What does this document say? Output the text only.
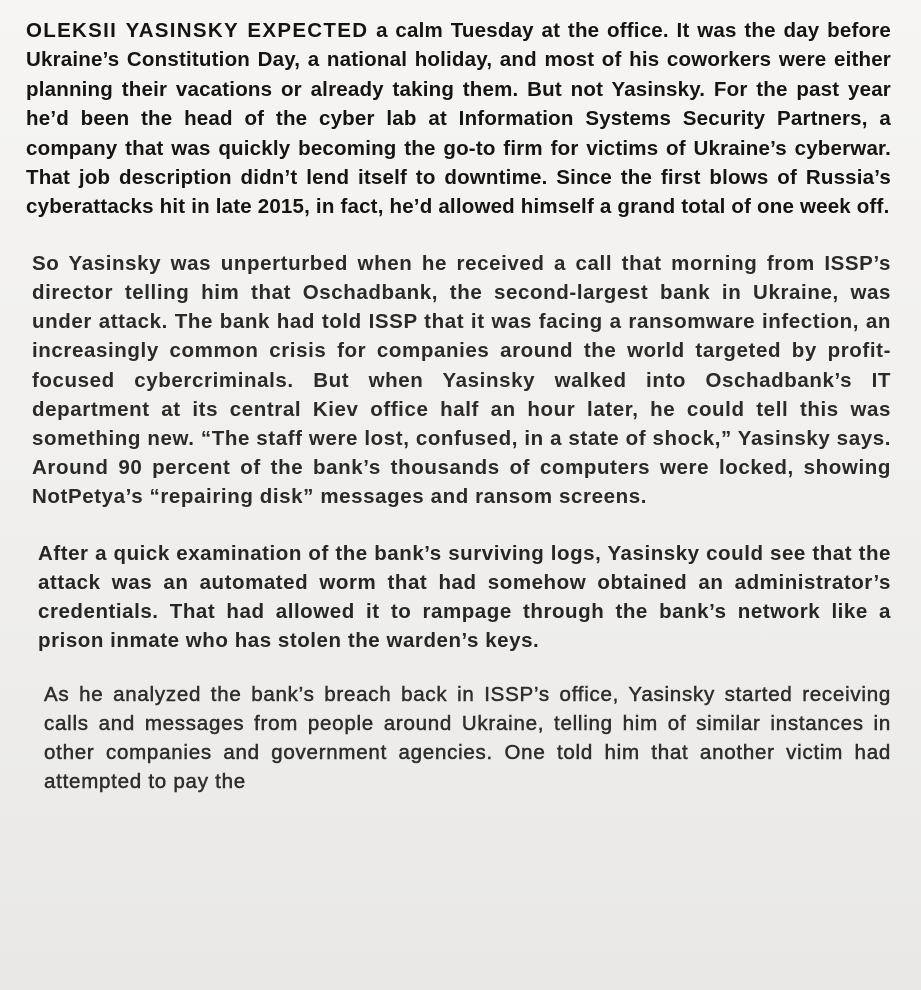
OLEKSII YASINSKY EXPECTED a calm Tuesday at the office. It was the day before Ukraine’s Constitution Day, a national holiday, and most of his coworkers were either planning their vacations or already taking them. But not Yasinsky. For the past year he’d been the head of the cyber lab at Information Systems Security Partners, a company that was quickly becoming the go-to firm for victims of Ukraine’s cyberwar. That job description didn’t lend itself to downtime. Since the first blows of Russia’s cyberattacks hit in late 2015, in fact, he’d allowed himself a grand total of one week off.

So Yasinsky was unperturbed when he received a call that morning from ISSP’s director telling him that Oschadbank, the second-largest bank in Ukraine, was under attack. The bank had told ISSP that it was facing a ransomware infection, an increasingly common crisis for companies around the world targeted by profit-focused cybercriminals. But when Yasinsky walked into Oschadbank’s IT department at its central Kiev office half an hour later, he could tell this was something new. “The staff were lost, confused, in a state of shock,” Yasinsky says. Around 90 percent of the bank’s thousands of computers were locked, showing NotPetya’s “repairing disk” messages and ransom screens.

After a quick examination of the bank’s surviving logs, Yasinsky could see that the attack was an automated worm that had somehow obtained an administrator’s credentials. That had allowed it to rampage through the bank’s network like a prison inmate who has stolen the warden’s keys.

As he analyzed the bank’s breach back in ISSP’s office, Yasinsky started receiving calls and messages from people around Ukraine, telling him of similar instances in other companies and government agencies. One told him that another victim had attempted to pay the
